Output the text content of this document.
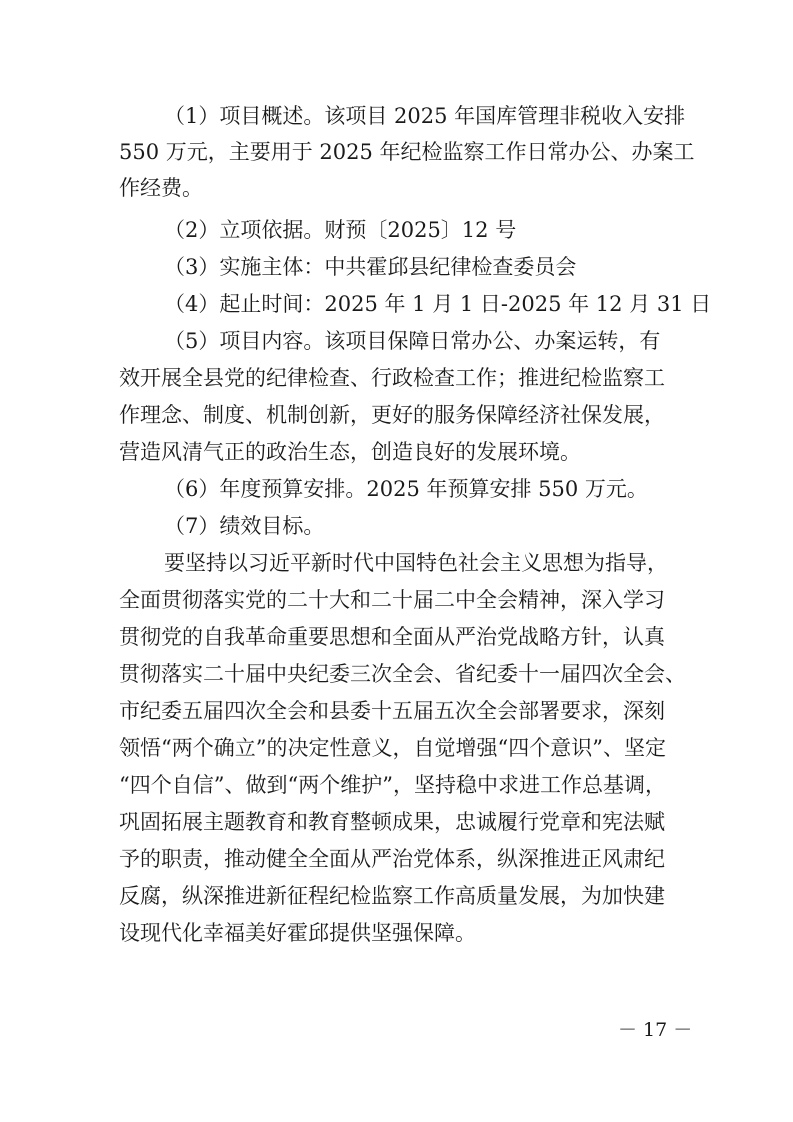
（1）项目概述。该项目 2025 年国库管理非税收入安排

550 万元，主要用于 2025 年纪检监察工作日常办公、办案工

作经费。

（2）立项依据。财预〔2025〕12 号

（3）实施主体：中共霍邱县纪律检查委员会

（4）起止时间：2025 年 1 月 1 日-2025 年 12 月 31 日

（5）项目内容。该项目保障日常办公、办案运转，有

效开展全县党的纪律检查、行政检查工作；推进纪检监察工

作理念、制度、机制创新，更好的服务保障经济社保发展，

营造风清气正的政治生态，创造良好的发展环境。

（6）年度预算安排。2025 年预算安排 550 万元。

（7）绩效目标。

要坚持以习近平新时代中国特色社会主义思想为指导，

全面贯彻落实党的二十大和二十届二中全会精神，深入学习

贯彻党的自我革命重要思想和全面从严治党战略方针，认真

贯彻落实二十届中央纪委三次全会、省纪委十一届四次全会、

市纪委五届四次全会和县委十五届五次全会部署要求，深刻

领悟“两个确立”的决定性意义，自觉增强“四个意识”、坚定

“四个自信”、做到“两个维护”，坚持稳中求进工作总基调，

巩固拓展主题教育和教育整顿成果，忠诚履行党章和宪法赋

予的职责，推动健全全面从严治党体系，纵深推进正风肃纪

反腐，纵深推进新征程纪检监察工作高质量发展，为加快建

设现代化幸福美好霍邱提供坚强保障。

－ 17 －
